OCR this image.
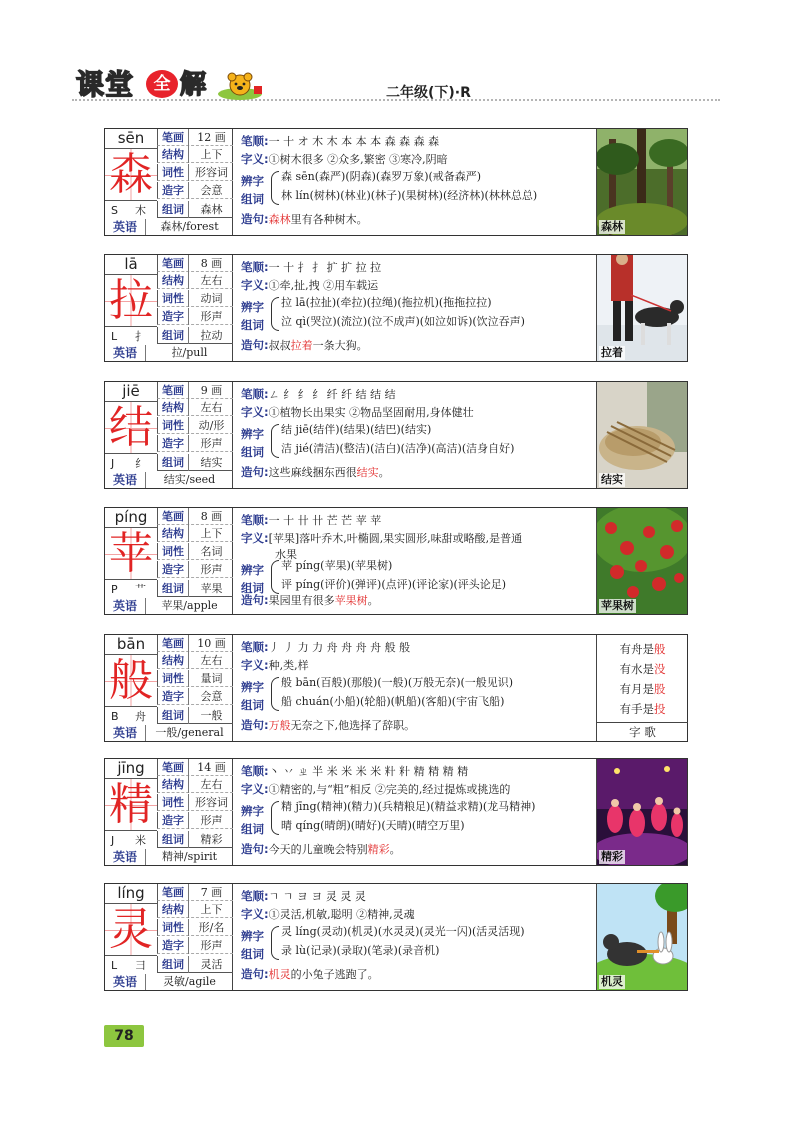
课堂	全 解	二年级(下)·R
sēn
森
S 木
笔画	12 画
结构	上下
词性	形容词
造字	会意
组词	森林
英语	森林/forest
笔顺:一 十 オ 木 木 本 本 本 森 森 森 森
字义:①树木很多 ②众多,繁密 ③寒冷,阴暗
辨字
组词
森 sēn(森严)(阴森)(森罗万象)(戒备森严)
林 lín(树林)(林业)(林子)(果树林)(经济林)(林林总总)
造句:森林里有各种树木。
森林
lā
拉
L 扌
笔画	8 画
结构	左右
词性	动词
造字	形声
组词	拉动
英语	拉/pull
笔顺:一 十 扌 扌 扩 扩 拉 拉
字义:①牵,扯,拽 ②用车载运
辨字
组词
拉 lā(拉扯)(牵拉)(拉绳)(拖拉机)(拖拖拉拉)
泣 qì(哭泣)(流泣)(泣不成声)(如泣如诉)(饮泣吞声)
造句:叔叔拉着一条大狗。
拉着
jiē
结
J 纟
笔画	9 画
结构	左右
词性	动/形
造字	形声
组词	结实
英语	结实/seed
笔顺:ㄥ 纟 纟 纟 纤 纤 结 结 结
字义:①植物长出果实 ②物品坚固耐用,身体健壮
辨字
组词
结 jiē(结伴)(结果)(结巴)(结实)
洁 jié(清洁)(整洁)(洁白)(洁净)(高洁)(洁身自好)
造句:这些麻线捆东西很结实。
结实
píng
苹
P 艹
笔画	8 画
结构	上下
词性	名词
造字	形声
组词	苹果
英语	苹果/apple
笔顺:一 十 卄 卄 芒 芒 苹 苹
字义:[苹果]落叶乔木,叶椭圆,果实圆形,味甜或略酸,是普通
水果
辨字
组词
苹 píng(苹果)(苹果树)
评 píng(评价)(弹评)(点评)(评论家)(评头论足)
造句:果园里有很多苹果树。	苹果树
bān
般
B 舟
笔画	10 画
结构	左右
词性	量词
造字	会意
组词	一般
英语	一般/general
笔顺:丿 丿 力 力 舟 舟 舟 舟 般 般
字义:种,类,样
辨字
组词
般 bān(百般)(那般)(一般)(万般无奈)(一般见识)
船 chuán(小船)(轮船)(帆船)(客船)(宇宙飞船)
造句:万般无奈之下,他选择了辞职。
有舟是般
有水是没
有月是股
有手是投
字 歌
jīng
精
J 米
笔画	14 画
结构	左右
词性	形容词
造字	形声
组词	精彩
英语	精神/spirit
笔顺:丶 丷 ㄓ 半 米 米 米 米 籵 籵 精 精 精 精
字义:①精密的,与“粗”相反 ②完美的,经过提炼或挑选的
辨字
组词
精 jīng(精神)(精力)(兵精粮足)(精益求精)(龙马精神)
晴 qíng(晴朗)(晴好)(天晴)(晴空万里)
造句:今天的儿童晚会特别精彩。
精彩
líng
灵
L 彐
笔画	7 画
结构	上下
词性	形/名
造字	形声
组词	灵活
英语	灵敏/agile
笔顺:ㄱ ㄱ ヨ ヨ 灵 灵 灵
字义:①灵活,机敏,聪明 ②精神,灵魂
辨字
组词
灵 líng(灵动)(机灵)(水灵灵)(灵光一闪)(活灵活现)
录 lù(记录)(录取)(笔录)(录音机)
造句:机灵的小兔子逃跑了。
机灵
78
